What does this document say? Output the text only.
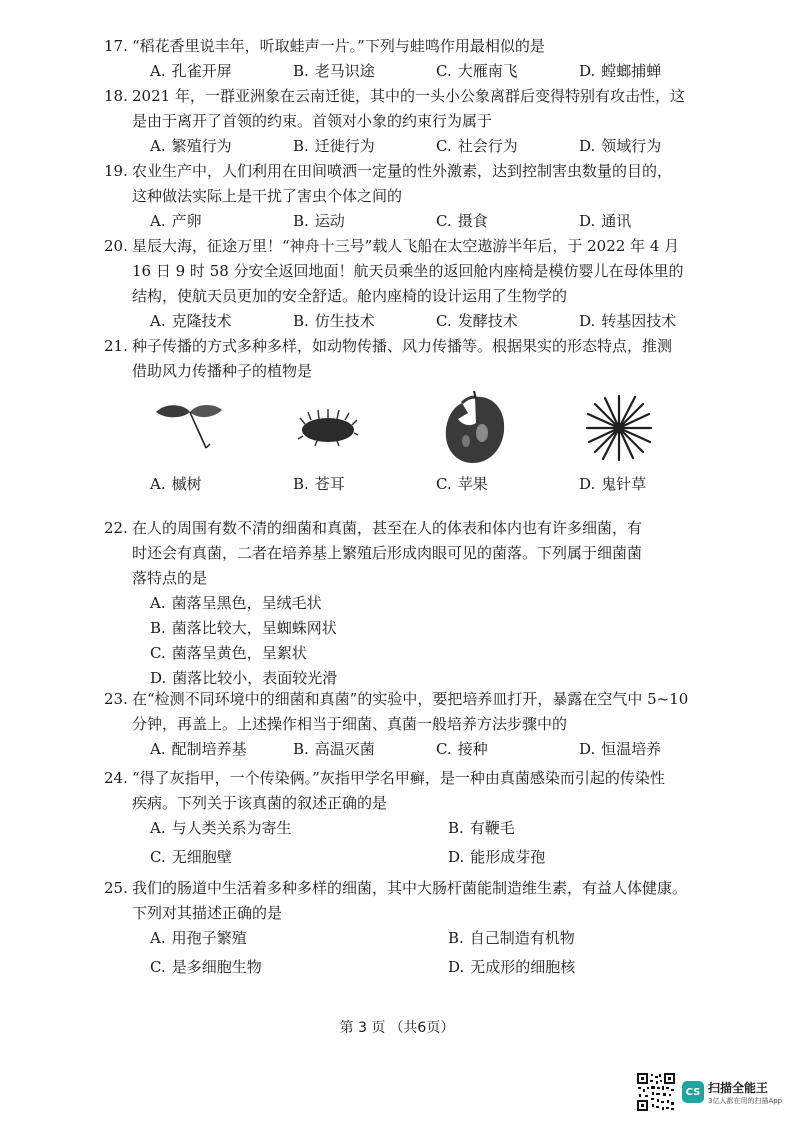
17. “稻花香里说丰年，听取蛙声一片。”下列与蛙鸣作用最相似的是
A. 孔雀开屏	B. 老马识途	C. 大雁南飞	D. 螳螂捕蝉
18. 2021 年，一群亚洲象在云南迁徙，其中的一头小公象离群后变得特别有攻击性，这
是由于离开了首领的约束。首领对小象的约束行为属于
A. 繁殖行为	B. 迁徙行为	C. 社会行为	D. 领域行为
19. 农业生产中，人们利用在田间喷洒一定量的性外激素，达到控制害虫数量的目的，
这种做法实际上是干扰了害虫个体之间的
A. 产卵	B. 运动	C. 摄食	D. 通讯
20. 星辰大海，征途万里！“神舟十三号”载人飞船在太空遨游半年后，于 2022 年 4 月
16 日 9 时 58 分安全返回地面！航天员乘坐的返回舱内座椅是模仿婴儿在母体里的
结构，使航天员更加的安全舒适。舱内座椅的设计运用了生物学的
A. 克隆技术	B. 仿生技术	C. 发酵技术	D. 转基因技术
21. 种子传播的方式多种多样，如动物传播、风力传播等。根据果实的形态特点，推测
借助风力传播种子的植物是
A. 槭树	B. 苍耳	C. 苹果	D. 鬼针草
22. 在人的周围有数不清的细菌和真菌，甚至在人的体表和体内也有许多细菌，有
时还会有真菌，二者在培养基上繁殖后形成肉眼可见的菌落。下列属于细菌菌
落特点的是
A. 菌落呈黑色，呈绒毛状
B. 菌落比较大，呈蜘蛛网状
C. 菌落呈黄色，呈絮状
D. 菌落比较小，表面较光滑
23. 在“检测不同环境中的细菌和真菌”的实验中，要把培养皿打开，暴露在空气中 5~10
分钟，再盖上。上述操作相当于细菌、真菌一般培养方法步骤中的
A. 配制培养基	B. 高温灭菌	C. 接种	D. 恒温培养
24. “得了灰指甲，一个传染俩。”灰指甲学名甲癣，是一种由真菌感染而引起的传染性
疾病。下列关于该真菌的叙述正确的是
A. 与人类关系为寄生	B. 有鞭毛
C. 无细胞壁	D. 能形成芽孢
25. 我们的肠道中生活着多种多样的细菌，其中大肠杆菌能制造维生素，有益人体健康。
下列对其描述正确的是
A. 用孢子繁殖	B. 自己制造有机物
C. 是多细胞生物	D. 无成形的细胞核
第 3 页 （共6页）
CS 扫描全能王
3亿人都在用的扫描App
